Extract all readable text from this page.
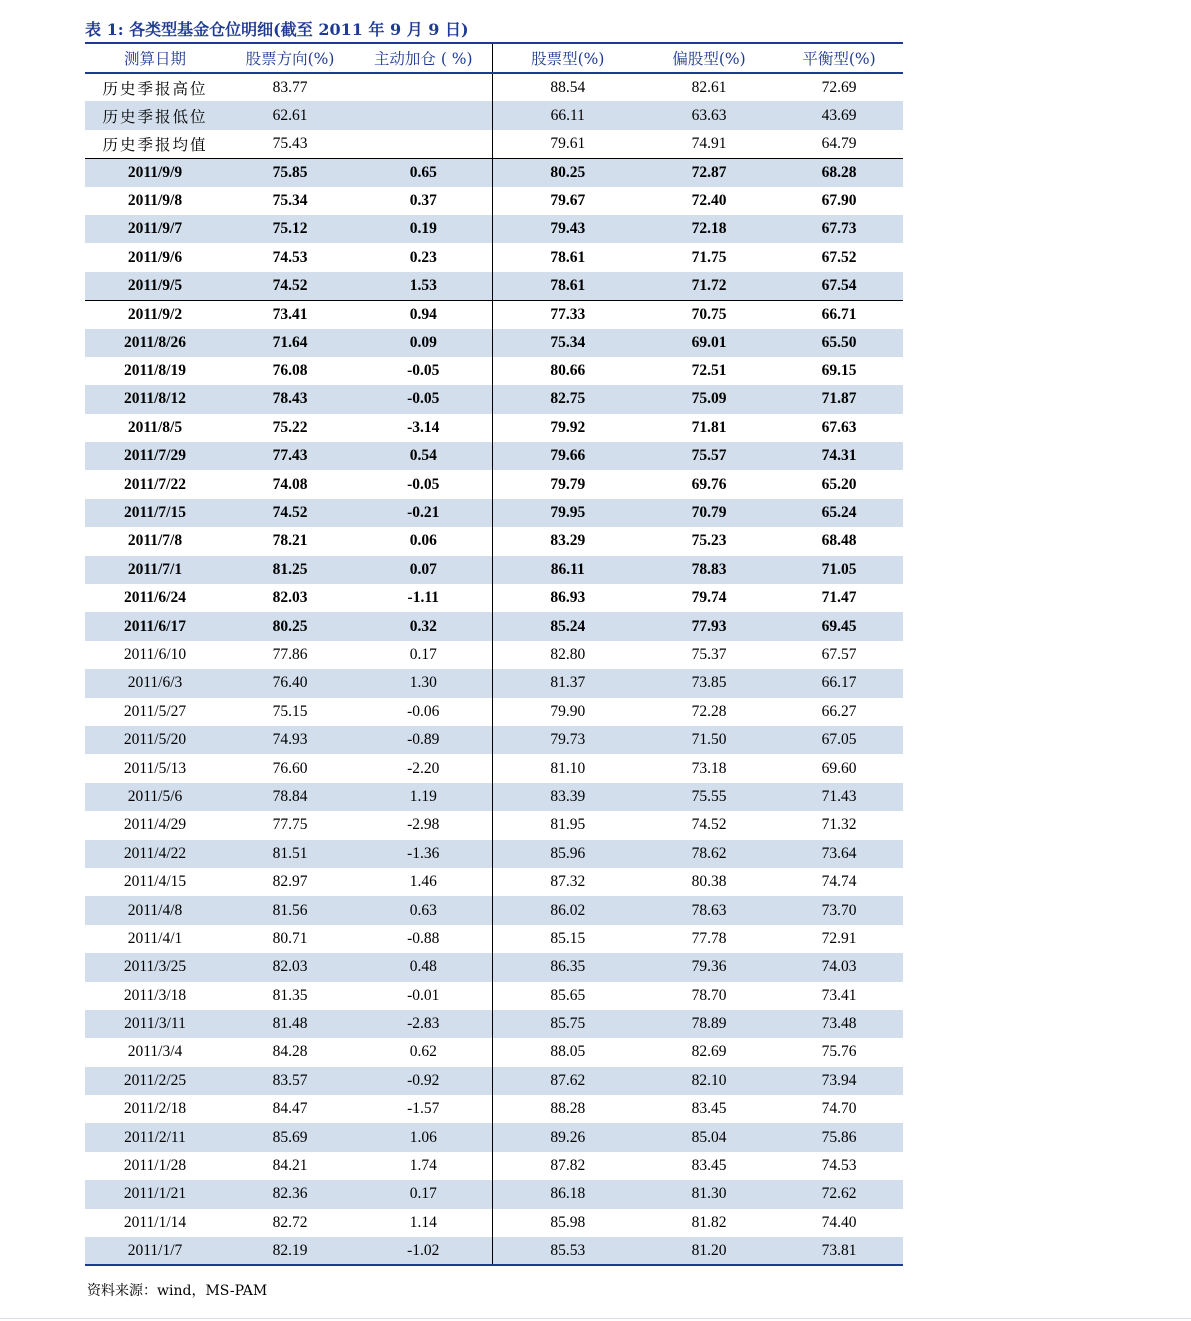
表 1: 各类型基金仓位明细(截至 2011 年 9 月 9 日)
测算日期	股票方向(%)	主动加仓 ( %)	股票型(%)	偏股型(%)	平衡型(%)
历史季报高位	83.77		88.54	82.61	72.69
历史季报低位	62.61		66.11	63.63	43.69
历史季报均值	75.43		79.61	74.91	64.79
2011/9/9	75.85	0.65	80.25	72.87	68.28
2011/9/8	75.34	0.37	79.67	72.40	67.90
2011/9/7	75.12	0.19	79.43	72.18	67.73
2011/9/6	74.53	0.23	78.61	71.75	67.52
2011/9/5	74.52	1.53	78.61	71.72	67.54
2011/9/2	73.41	0.94	77.33	70.75	66.71
2011/8/26	71.64	0.09	75.34	69.01	65.50
2011/8/19	76.08	-0.05	80.66	72.51	69.15
2011/8/12	78.43	-0.05	82.75	75.09	71.87
2011/8/5	75.22	-3.14	79.92	71.81	67.63
2011/7/29	77.43	0.54	79.66	75.57	74.31
2011/7/22	74.08	-0.05	79.79	69.76	65.20
2011/7/15	74.52	-0.21	79.95	70.79	65.24
2011/7/8	78.21	0.06	83.29	75.23	68.48
2011/7/1	81.25	0.07	86.11	78.83	71.05
2011/6/24	82.03	-1.11	86.93	79.74	71.47
2011/6/17	80.25	0.32	85.24	77.93	69.45
2011/6/10	77.86	0.17	82.80	75.37	67.57
2011/6/3	76.40	1.30	81.37	73.85	66.17
2011/5/27	75.15	-0.06	79.90	72.28	66.27
2011/5/20	74.93	-0.89	79.73	71.50	67.05
2011/5/13	76.60	-2.20	81.10	73.18	69.60
2011/5/6	78.84	1.19	83.39	75.55	71.43
2011/4/29	77.75	-2.98	81.95	74.52	71.32
2011/4/22	81.51	-1.36	85.96	78.62	73.64
2011/4/15	82.97	1.46	87.32	80.38	74.74
2011/4/8	81.56	0.63	86.02	78.63	73.70
2011/4/1	80.71	-0.88	85.15	77.78	72.91
2011/3/25	82.03	0.48	86.35	79.36	74.03
2011/3/18	81.35	-0.01	85.65	78.70	73.41
2011/3/11	81.48	-2.83	85.75	78.89	73.48
2011/3/4	84.28	0.62	88.05	82.69	75.76
2011/2/25	83.57	-0.92	87.62	82.10	73.94
2011/2/18	84.47	-1.57	88.28	83.45	74.70
2011/2/11	85.69	1.06	89.26	85.04	75.86
2011/1/28	84.21	1.74	87.82	83.45	74.53
2011/1/21	82.36	0.17	86.18	81.30	72.62
2011/1/14	82.72	1.14	85.98	81.82	74.40
2011/1/7	82.19	-1.02	85.53	81.20	73.81
资料来源：wind，MS-PAM
